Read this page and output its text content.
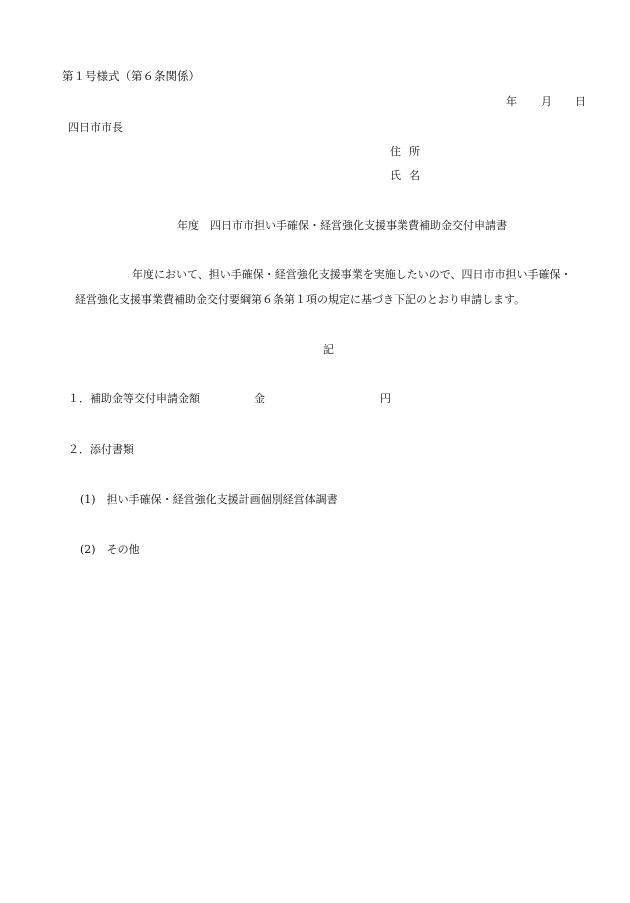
第１号様式（第６条関係）
年 月 日
四日市市長
住所
氏名
年度　四日市市担い手確保・経営強化支援事業費補助金交付申請書
年度において、担い手確保・経営強化支援事業を実施したいので、四日市市担い手確保・
経営強化支援事業費補助金交付要綱第６条第１項の規定に基づき下記のとおり申請します。
記
１．補助金等交付申請金額	金	円
２．添付書類
(1)　担い手確保・経営強化支援計画個別経営体調書
(2)　その他
